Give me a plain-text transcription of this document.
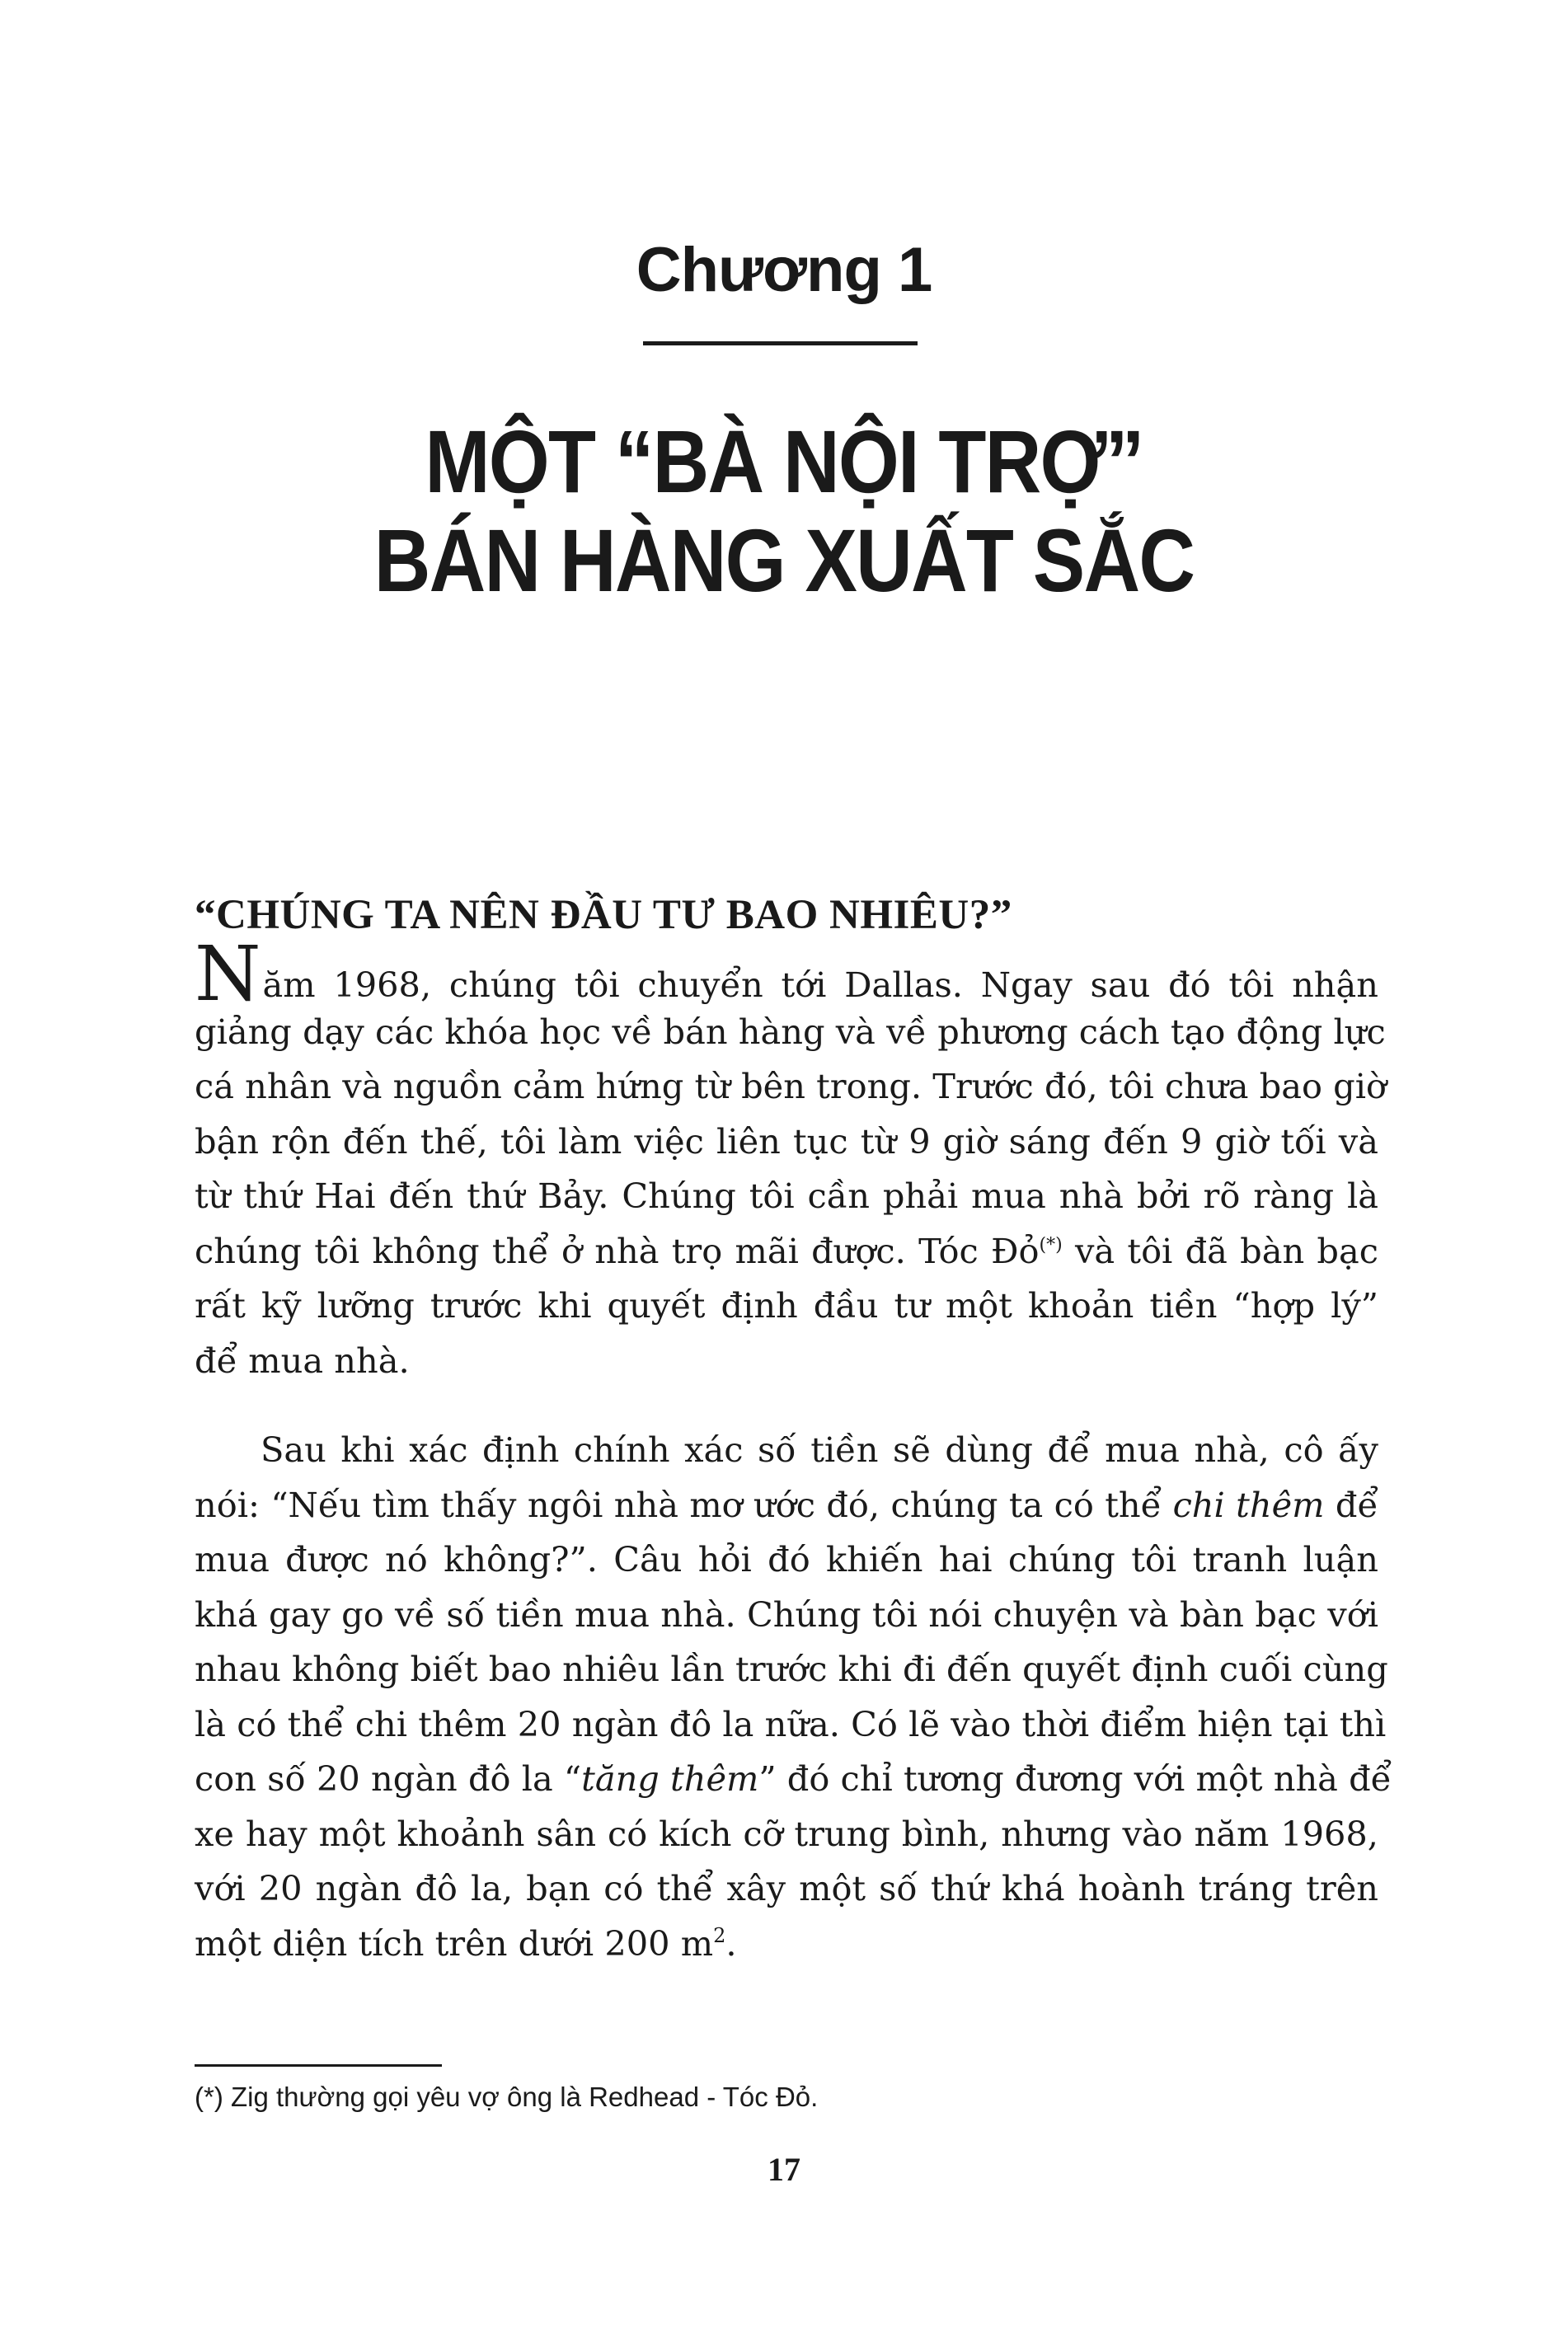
Chương 1
MỘT “BÀ NỘI TRỢ”
BÁN HÀNG XUẤT SẮC
“CHÚNG TA NÊN ĐẦU TƯ BAO NHIÊU?”
Năm 1968, chúng tôi chuyển tới Dallas. Ngay sau đó tôi nhận
giảng dạy các khóa học về bán hàng và về phương cách tạo động lực
cá nhân và nguồn cảm hứng từ bên trong. Trước đó, tôi chưa bao giờ
bận rộn đến thế, tôi làm việc liên tục từ 9 giờ sáng đến 9 giờ tối và
từ thứ Hai đến thứ Bảy. Chúng tôi cần phải mua nhà bởi rõ ràng là
chúng tôi không thể ở nhà trọ mãi được. Tóc Đỏ(*) và tôi đã bàn bạc
rất kỹ lưỡng trước khi quyết định đầu tư một khoản tiền “hợp lý”
để mua nhà.
Sau khi xác định chính xác số tiền sẽ dùng để mua nhà, cô ấy
nói: “Nếu tìm thấy ngôi nhà mơ ước đó, chúng ta có thể chi thêm để
mua được nó không?”. Câu hỏi đó khiến hai chúng tôi tranh luận
khá gay go về số tiền mua nhà. Chúng tôi nói chuyện và bàn bạc với
nhau không biết bao nhiêu lần trước khi đi đến quyết định cuối cùng
là có thể chi thêm 20 ngàn đô la nữa. Có lẽ vào thời điểm hiện tại thì
con số 20 ngàn đô la “tăng thêm” đó chỉ tương đương với một nhà để
xe hay một khoảnh sân có kích cỡ trung bình, nhưng vào năm 1968,
với 20 ngàn đô la, bạn có thể xây một số thứ khá hoành tráng trên
một diện tích trên dưới 200 $m^2$.
(*) Zig thường gọi yêu vợ ông là Redhead - Tóc Đỏ.
17
